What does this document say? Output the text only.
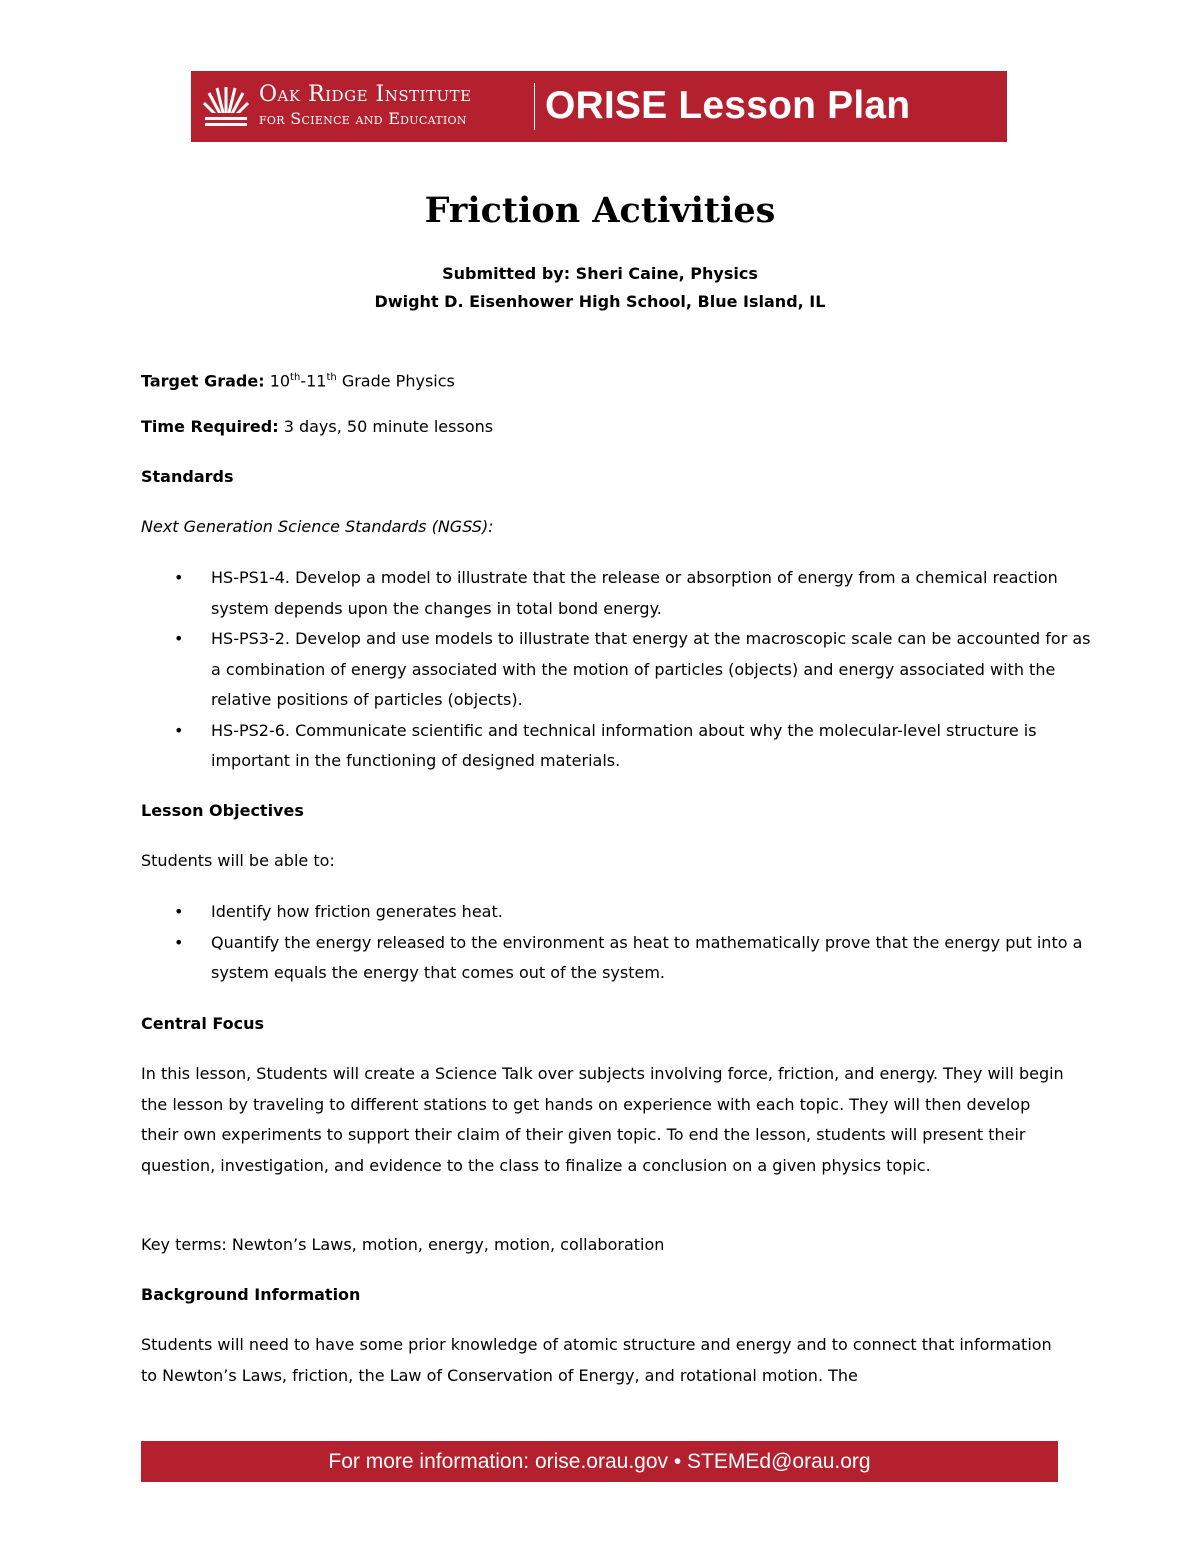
Oak Ridge Institute
for Science and Education ORISE Lesson Plan
Friction Activities
Submitted by: Sheri Caine, Physics
Dwight D. Eisenhower High School, Blue Island, IL
Target Grade: 10th-11th Grade Physics
Time Required: 3 days, 50 minute lessons
Standards
Next Generation Science Standards (NGSS):
• HS-PS1-4. Develop a model to illustrate that the release or absorption of energy from a chemical reaction system depends upon the changes in total bond energy.
• HS-PS3-2. Develop and use models to illustrate that energy at the macroscopic scale can be accounted for as a combination of energy associated with the motion of particles (objects) and energy associated with the relative positions of particles (objects).
• HS-PS2-6. Communicate scientific and technical information about why the molecular-level structure is important in the functioning of designed materials.
Lesson Objectives
Students will be able to:
• Identify how friction generates heat.
• Quantify the energy released to the environment as heat to mathematically prove that the energy put into a system equals the energy that comes out of the system.
Central Focus
In this lesson, Students will create a Science Talk over subjects involving force, friction, and energy. They will begin the lesson by traveling to different stations to get hands on experience with each topic. They will then develop their own experiments to support their claim of their given topic. To end the lesson, students will present their question, investigation, and evidence to the class to finalize a conclusion on a given physics topic.
Key terms: Newton’s Laws, motion, energy, motion, collaboration
Background Information
Students will need to have some prior knowledge of atomic structure and energy and to connect that information to Newton’s Laws, friction, the Law of Conservation of Energy, and rotational motion. The
For more information: orise.orau.gov • STEMEd@orau.org
